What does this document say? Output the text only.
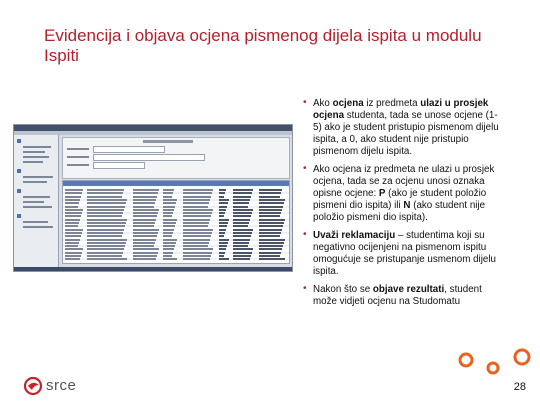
Evidencija i objava ocjena pismenog dijela ispita u modulu Ispiti
• Ako ocjena iz predmeta ulazi u prosjek ocjena studenta, tada se unose ocjene (1-5) ako je student pristupio pismenom dijelu ispita, a 0, ako student nije pristupio pismenom dijelu ispita.
• Ako ocjena iz predmeta ne ulazi u prosjek ocjena, tada se za ocjenu unosi oznaka opisne ocjene: P (ako je student položio pismeni dio ispita) ili N (ako student nije položio pismeni dio ispita).
• Uvaži reklamaciju – studentima koji su negativno ocijenjeni na pismenom ispitu omogućuje se pristupanje usmenom dijelu ispita.
• Nakon što se objave rezultati, student može vidjeti ocjenu na Studomatu
srce	28
